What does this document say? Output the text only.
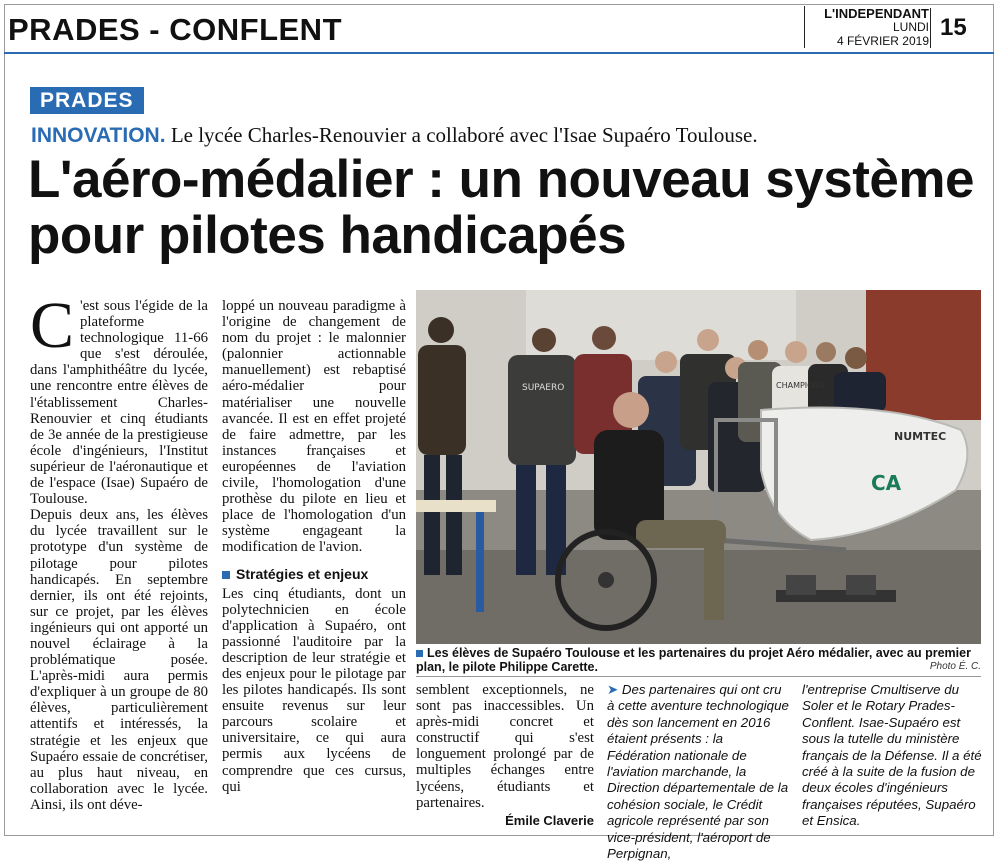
PRADES - CONFLENT	L'INDEPENDANT
LUNDI
4 FÉVRIER 2019 15
PRADES
INNOVATION. Le lycée Charles-Renouvier a collaboré avec l'Isae Supaéro Toulouse.
L'aéro-médalier : un nouveau système pour pilotes handicapés

C 'est sous l'égide de la plateforme technologique 11-66 que s'est déroulée, dans l'amphithéâtre du lycée, une rencontre entre élèves de l'établissement Charles-Renouvier et cinq étudiants de 3e année de la prestigieuse école d'ingénieurs, l'Institut supérieur de l'aéronautique et de l'espace (Isae) Supaéro de Toulouse.

Depuis deux ans, les élèves du lycée travaillent sur le prototype d'un système de pilotage pour pilotes handicapés. En septembre dernier, ils ont été rejoints, sur ce projet, par les élèves ingénieurs qui ont apporté un nouvel éclairage à la problématique posée. L'après-midi aura permis d'expliquer à un groupe de 80 élèves, particulièrement attentifs et intéressés, la stratégie et les enjeux que Supaéro essaie de concrétiser, au plus haut niveau, en collaboration avec le lycée. Ainsi, ils ont déve-

loppé un nouveau paradigme à l'origine de changement de nom du projet : le malonnier (palonnier actionnable manuellement) est rebaptisé aéro-médalier pour matérialiser une nouvelle avancée. Il est en effet projeté de faire admettre, par les instances françaises et européennes de l'aviation civile, l'homologation d'une prothèse du pilote en lieu et place de l'homologation d'un système engageant la modification de l'avion.

Stratégies et enjeux

Les cinq étudiants, dont un polytechnicien en école d'application à Supaéro, ont passionné l'auditoire par la description de leur stratégie et des enjeux pour le pilotage par les pilotes handicapés. Ils sont ensuite revenus sur leur parcours scolaire et universitaire, ce qui aura permis aux lycéens de comprendre que ces cursus, qui

NUMTEC
CA
SUPAERO	CHAMPIONS
Les élèves de Supaéro Toulouse et les partenaires du projet Aéro médalier, avec au premier plan, le pilote Philippe Carette.	Photo É. C.

semblent exceptionnels, ne sont pas inaccessibles. Un après-midi concret et constructif qui s'est longuement prolongé par de multiples échanges entre lycéens, étudiants et partenaires.

Émile Claverie

➤ Des partenaires qui ont cru à cette aventure technologique dès son lancement en 2016 étaient présents : la Fédération nationale de l'aviation marchande, la Direction départementale de la cohésion sociale, le Crédit agricole représenté par son vice-président, l'aéroport de Perpignan,

l'entreprise Cmultiserve du Soler et le Rotary Prades-Conflent. Isae-Supaéro est sous la tutelle du ministère français de la Défense. Il a été créé à la suite de la fusion de deux écoles d'ingénieurs françaises réputées, Supaéro et Ensica.
